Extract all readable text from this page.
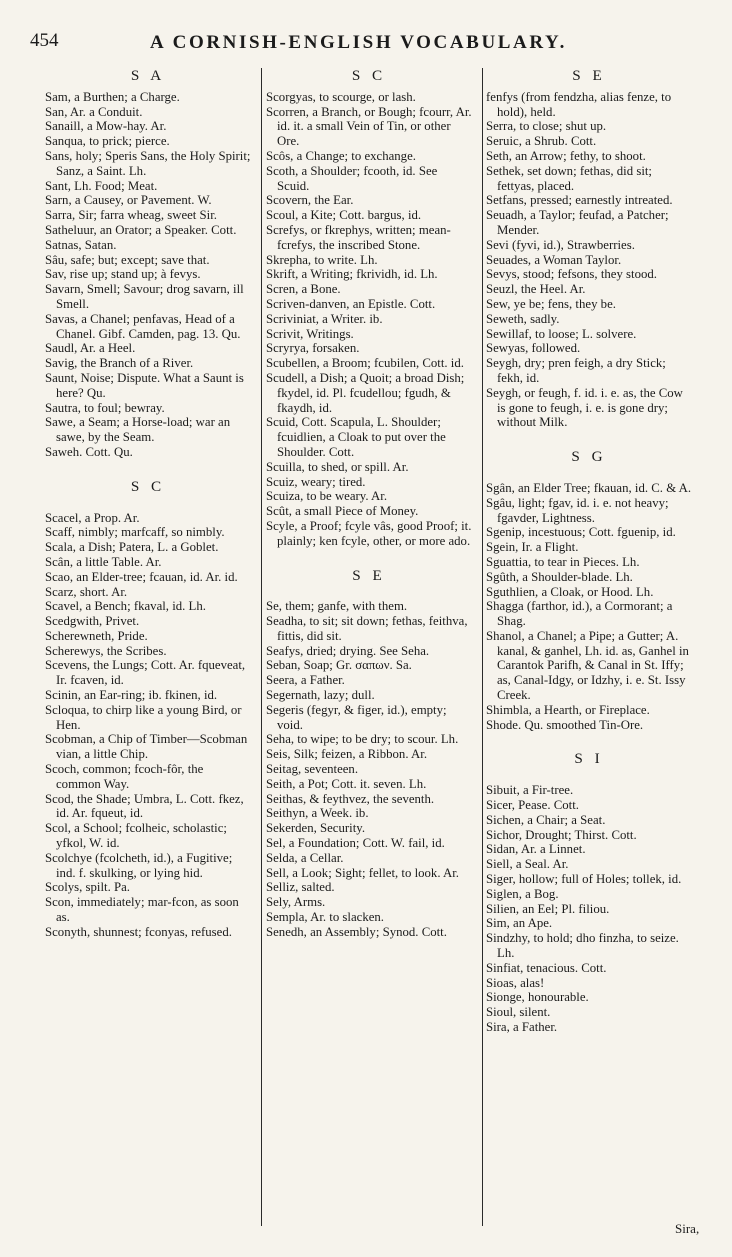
454	A CORNISH-ENGLISH VOCABULARY.
S A

Sam, a Burthen; a Charge.

San, Ar. a Conduit.

Sanaill, a Mow-hay. Ar.

Sanqua, to prick; pierce.

Sans, holy; Speris Sans, the Holy Spirit; Sanz, a Saint. Lh.

Sant, Lh. Food; Meat.

Sarn, a Causey, or Pavement. W.

Sarra, Sir; farra wheag, sweet Sir.

Satheluur, an Orator; a Speaker. Cott.

Satnas, Satan.

Sâu, safe; but; except; save that.

Sav, rise up; stand up; à fevys.

Savarn, Smell; Savour; drog savarn, ill Smell.

Savas, a Chanel; penfavas, Head of a Chanel. Gibf. Camden, pag. 13. Qu.

Saudl, Ar. a Heel.

Savig, the Branch of a River.

Saunt, Noise; Dispute. What a Saunt is here? Qu.

Sautra, to foul; bewray.

Sawe, a Seam; a Horse-load; war an sawe, by the Seam.

Saweh. Cott. Qu.

S C

Scacel, a Prop. Ar.

Scaff, nimbly; marfcaff, so nimbly.

Scala, a Dish; Patera, L. a Goblet.

Scân, a little Table. Ar.

Scao, an Elder-tree; fcauan, id. Ar. id.

Scarz, short. Ar.

Scavel, a Bench; fkaval, id. Lh.

Scedgwith, Privet.

Scherewneth, Pride.

Scherewys, the Scribes.

Scevens, the Lungs; Cott. Ar. fqueveat, Ir. fcaven, id.

Scinin, an Ear-ring; ib. fkinen, id.

Scloqua, to chirp like a young Bird, or Hen.

Scobman, a Chip of Timber—Scobman vian, a little Chip.

Scoch, common; fcoch-fôr, the common Way.

Scod, the Shade; Umbra, L. Cott. fkez, id. Ar. fqueut, id.

Scol, a School; fcolheic, scholastic; yfkol, W. id.

Scolchye (fcolcheth, id.), a Fugitive; ind. f. skulking, or lying hid.

Scolys, spilt. Pa.

Scon, immediately; mar-fcon, as soon as.

Sconyth, shunnest; fconyas, refused.

S C

Scorgyas, to scourge, or lash.

Scorren, a Branch, or Bough; fcourr, Ar. id. it. a small Vein of Tin, or other Ore.

Scôs, a Change; to exchange.

Scoth, a Shoulder; fcooth, id. See Scuid.

Scovern, the Ear.

Scoul, a Kite; Cott. bargus, id.

Screfys, or fkrephys, written; mean-fcrefys, the inscribed Stone.

Skrepha, to write. Lh.

Skrift, a Writing; fkrividh, id. Lh.

Scren, a Bone.

Scriven-danven, an Epistle. Cott.

Scriviniat, a Writer. ib.

Scrivit, Writings.

Scryrya, forsaken.

Scubellen, a Broom; fcubilen, Cott. id.

Scudell, a Dish; a Quoit; a broad Dish; fkydel, id. Pl. fcudellou; fgudh, & fkaydh, id.

Scuid, Cott. Scapula, L. Shoulder; fcuidlien, a Cloak to put over the Shoulder. Cott.

Scuilla, to shed, or spill. Ar.

Scuiz, weary; tired.

Scuiza, to be weary. Ar.

Scût, a small Piece of Money.

Scyle, a Proof; fcyle vâs, good Proof; it. plainly; ken fcyle, other, or more ado.

S E

Se, them; ganfe, with them.

Seadha, to sit; sit down; fethas, feithva, fittis, did sit.

Seafys, dried; drying. See Seha.

Seban, Soap; Gr. σαπων. Sa.

Seera, a Father.

Segernath, lazy; dull.

Segeris (fegyr, & figer, id.), empty; void.

Seha, to wipe; to be dry; to scour. Lh.

Seis, Silk; feizen, a Ribbon. Ar.

Seitag, seventeen.

Seith, a Pot; Cott. it. seven. Lh.

Seithas, & feythvez, the seventh.

Seithyn, a Week. ib.

Sekerden, Security.

Sel, a Foundation; Cott. W. fail, id.

Selda, a Cellar.

Sell, a Look; Sight; fellet, to look. Ar.

Selliz, salted.

Sely, Arms.

Sempla, Ar. to slacken.

Senedh, an Assembly; Synod. Cott.

S E

fenfys (from fendzha, alias fenze, to hold), held.

Serra, to close; shut up.

Seruic, a Shrub. Cott.

Seth, an Arrow; fethy, to shoot.

Sethek, set down; fethas, did sit; fettyas, placed.

Setfans, pressed; earnestly intreated.

Seuadh, a Taylor; feufad, a Patcher; Mender.

Sevi (fyvi, id.), Strawberries.

Seuades, a Woman Taylor.

Sevys, stood; fefsons, they stood.

Seuzl, the Heel. Ar.

Sew, ye be; fens, they be.

Seweth, sadly.

Sewillaf, to loose; L. solvere.

Sewyas, followed.

Seygh, dry; pren feigh, a dry Stick; fekh, id.

Seygh, or feugh, f. id. i. e. as, the Cow is gone to feugh, i. e. is gone dry; without Milk.

S G

Sgân, an Elder Tree; fkauan, id. C. & A.

Sgâu, light; fgav, id. i. e. not heavy; fgavder, Lightness.

Sgenip, incestuous; Cott. fguenip, id.

Sgein, Ir. a Flight.

Sguattia, to tear in Pieces. Lh.

Sgûth, a Shoulder-blade. Lh.

Sguthlien, a Cloak, or Hood. Lh.

Shagga (farthor, id.), a Cormorant; a Shag.

Shanol, a Chanel; a Pipe; a Gutter; A. kanal, & ganhel, Lh. id. as, Ganhel in Carantok Parifh, & Canal in St. Iffy; as, Canal-Idgy, or Idzhy, i. e. St. Issy Creek.

Shimbla, a Hearth, or Fireplace.

Shode. Qu. smoothed Tin-Ore.

S I

Sibuit, a Fir-tree.

Sicer, Pease. Cott.

Sichen, a Chair; a Seat.

Sichor, Drought; Thirst. Cott.

Sidan, Ar. a Linnet.

Siell, a Seal. Ar.

Siger, hollow; full of Holes; tollek, id.

Siglen, a Bog.

Silien, an Eel; Pl. filiou.

Sim, an Ape.

Sindzhy, to hold; dho finzha, to seize. Lh.

Sinfiat, tenacious. Cott.

Sioas, alas!

Sionge, honourable.

Sioul, silent.

Sira, a Father.

Sira,
